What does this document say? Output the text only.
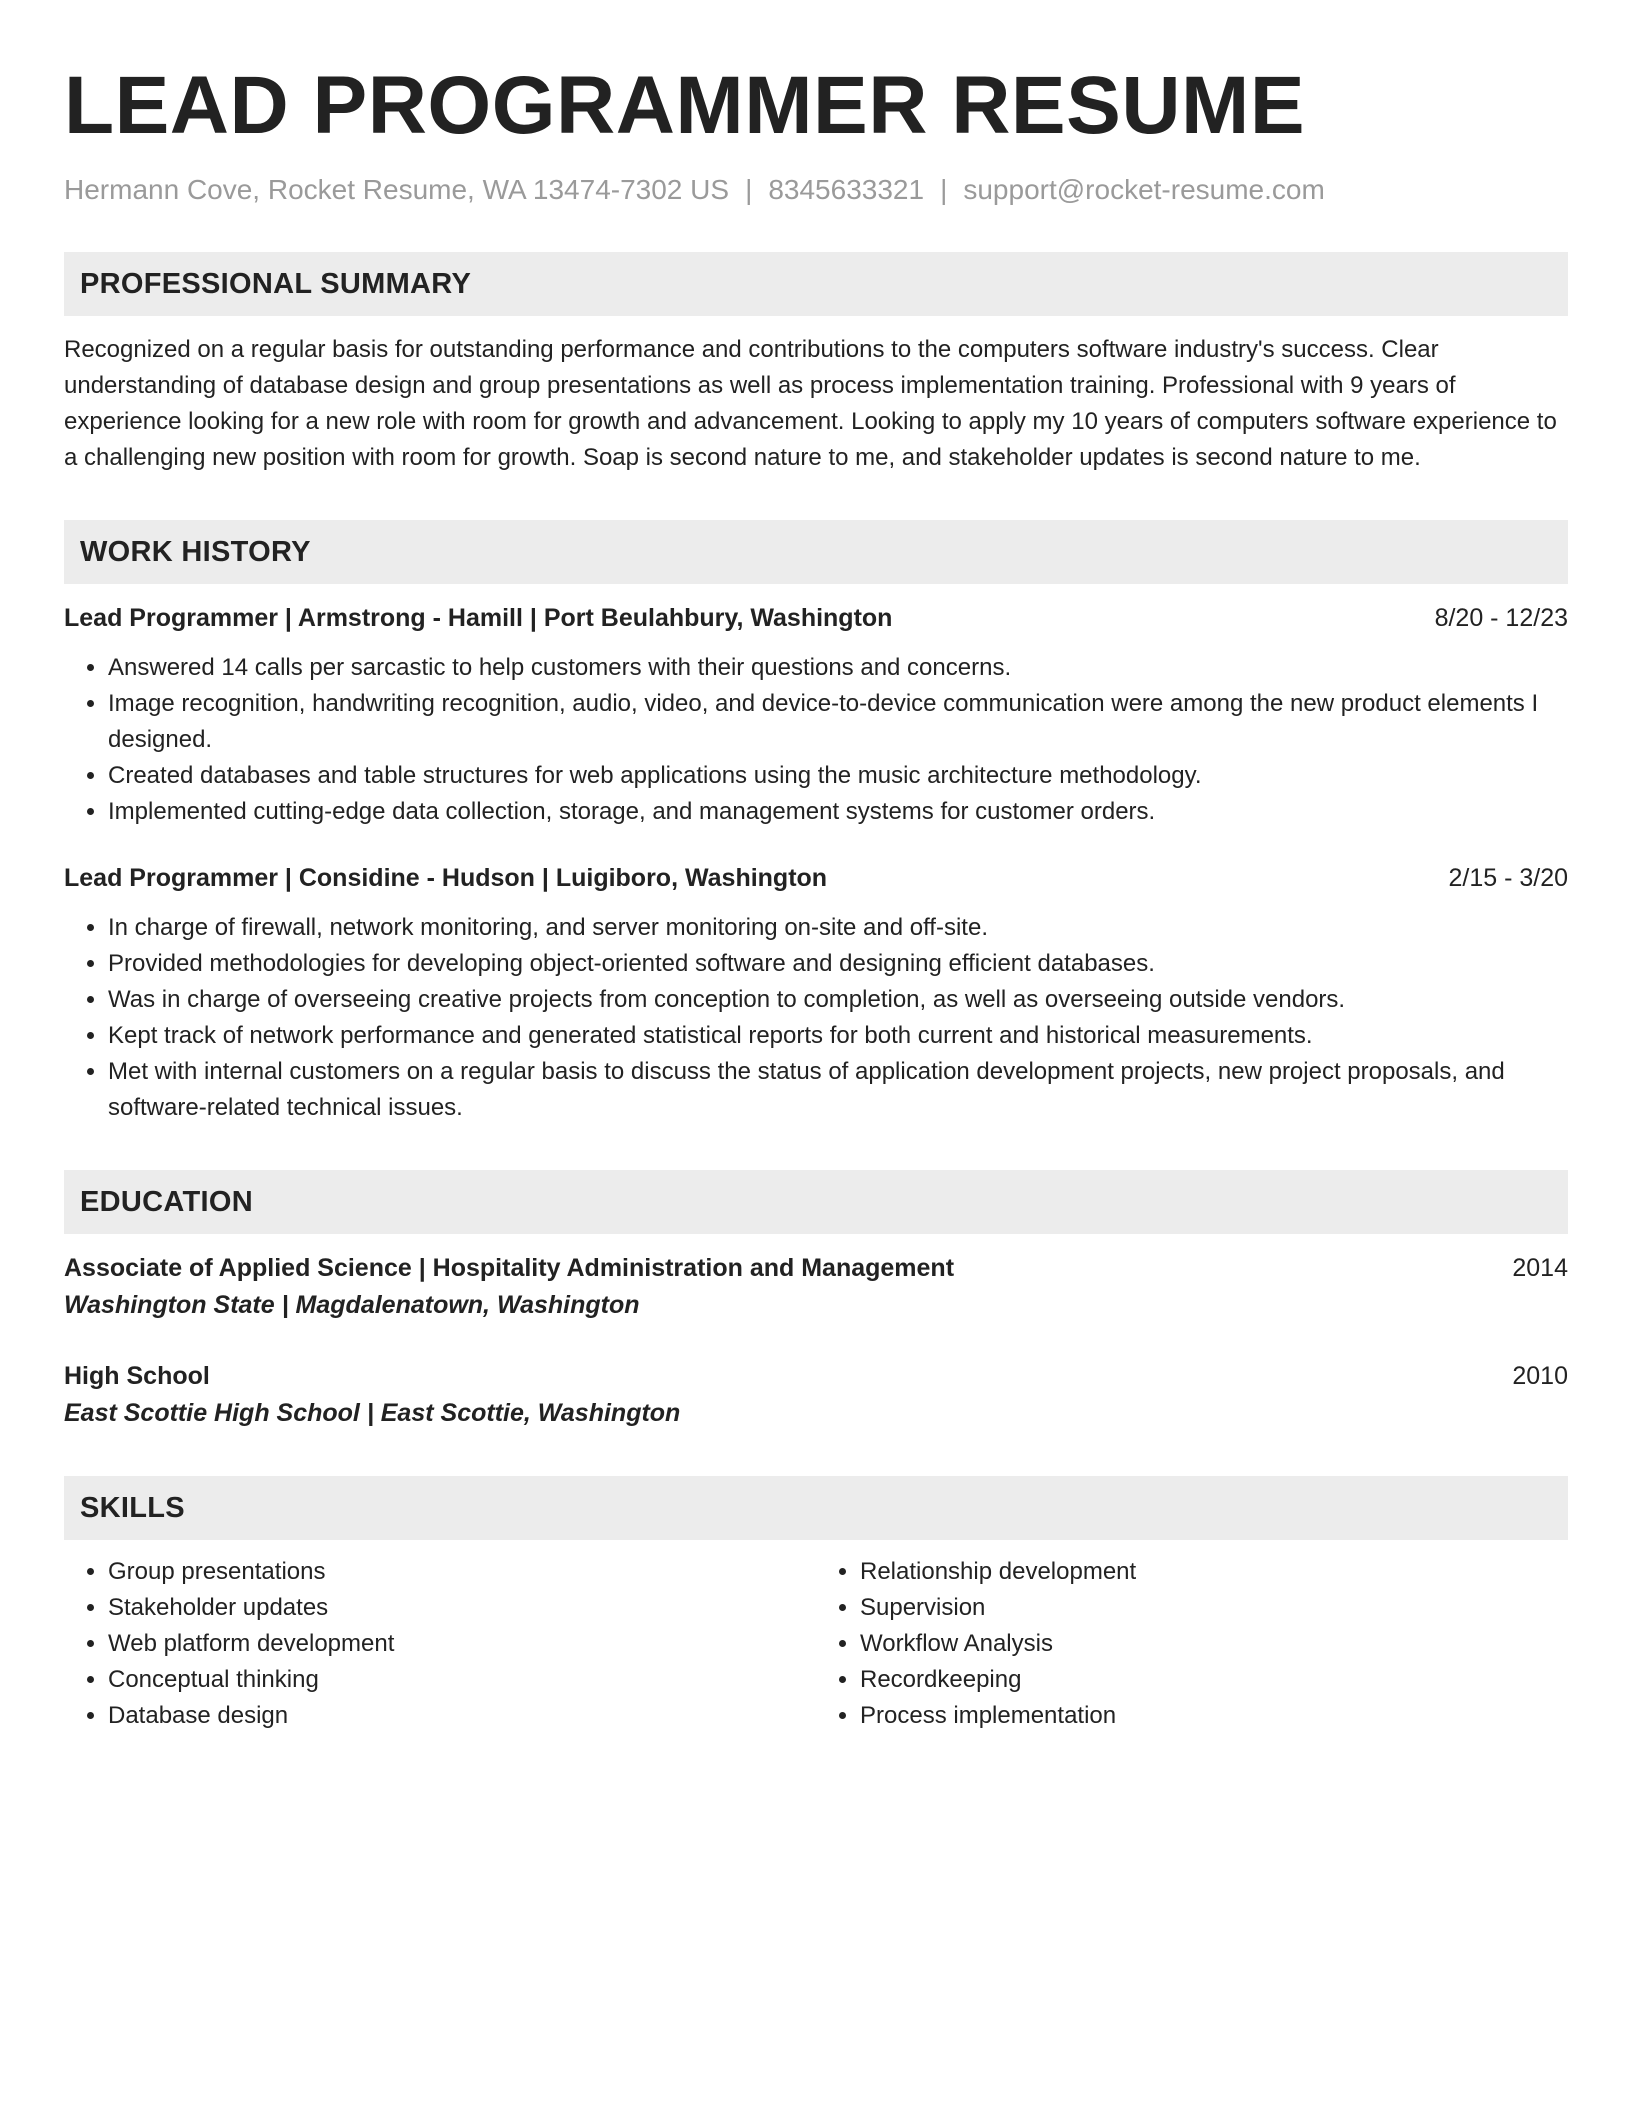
LEAD PROGRAMMER RESUME
Hermann Cove, Rocket Resume, WA 13474-7302 US | 8345633321 | support@rocket-resume.com
PROFESSIONAL SUMMARY
Recognized on a regular basis for outstanding performance and contributions to the computers software industry's success. Clear understanding of database design and group presentations as well as process implementation training. Professional with 9 years of experience looking for a new role with room for growth and advancement. Looking to apply my 10 years of computers software experience to a challenging new position with room for growth. Soap is second nature to me, and stakeholder updates is second nature to me.
WORK HISTORY
Lead Programmer | Armstrong - Hamill | Port Beulahbury, Washington	8/20 - 12/23
• Answered 14 calls per sarcastic to help customers with their questions and concerns.
• Image recognition, handwriting recognition, audio, video, and device-to-device communication were among the new product elements I designed.
• Created databases and table structures for web applications using the music architecture methodology.
• Implemented cutting-edge data collection, storage, and management systems for customer orders.
Lead Programmer | Considine - Hudson | Luigiboro, Washington	2/15 - 3/20
• In charge of firewall, network monitoring, and server monitoring on-site and off-site.
• Provided methodologies for developing object-oriented software and designing efficient databases.
• Was in charge of overseeing creative projects from conception to completion, as well as overseeing outside vendors.
• Kept track of network performance and generated statistical reports for both current and historical measurements.
• Met with internal customers on a regular basis to discuss the status of application development projects, new project proposals, and software-related technical issues.
EDUCATION
Associate of Applied Science | Hospitality Administration and Management	2014
Washington State | Magdalenatown, Washington
High School	2010
East Scottie High School | East Scottie, Washington
SKILLS
• Group presentations
• Stakeholder updates
• Web platform development
• Conceptual thinking
• Database design
• Relationship development
• Supervision
• Workflow Analysis
• Recordkeeping
• Process implementation
